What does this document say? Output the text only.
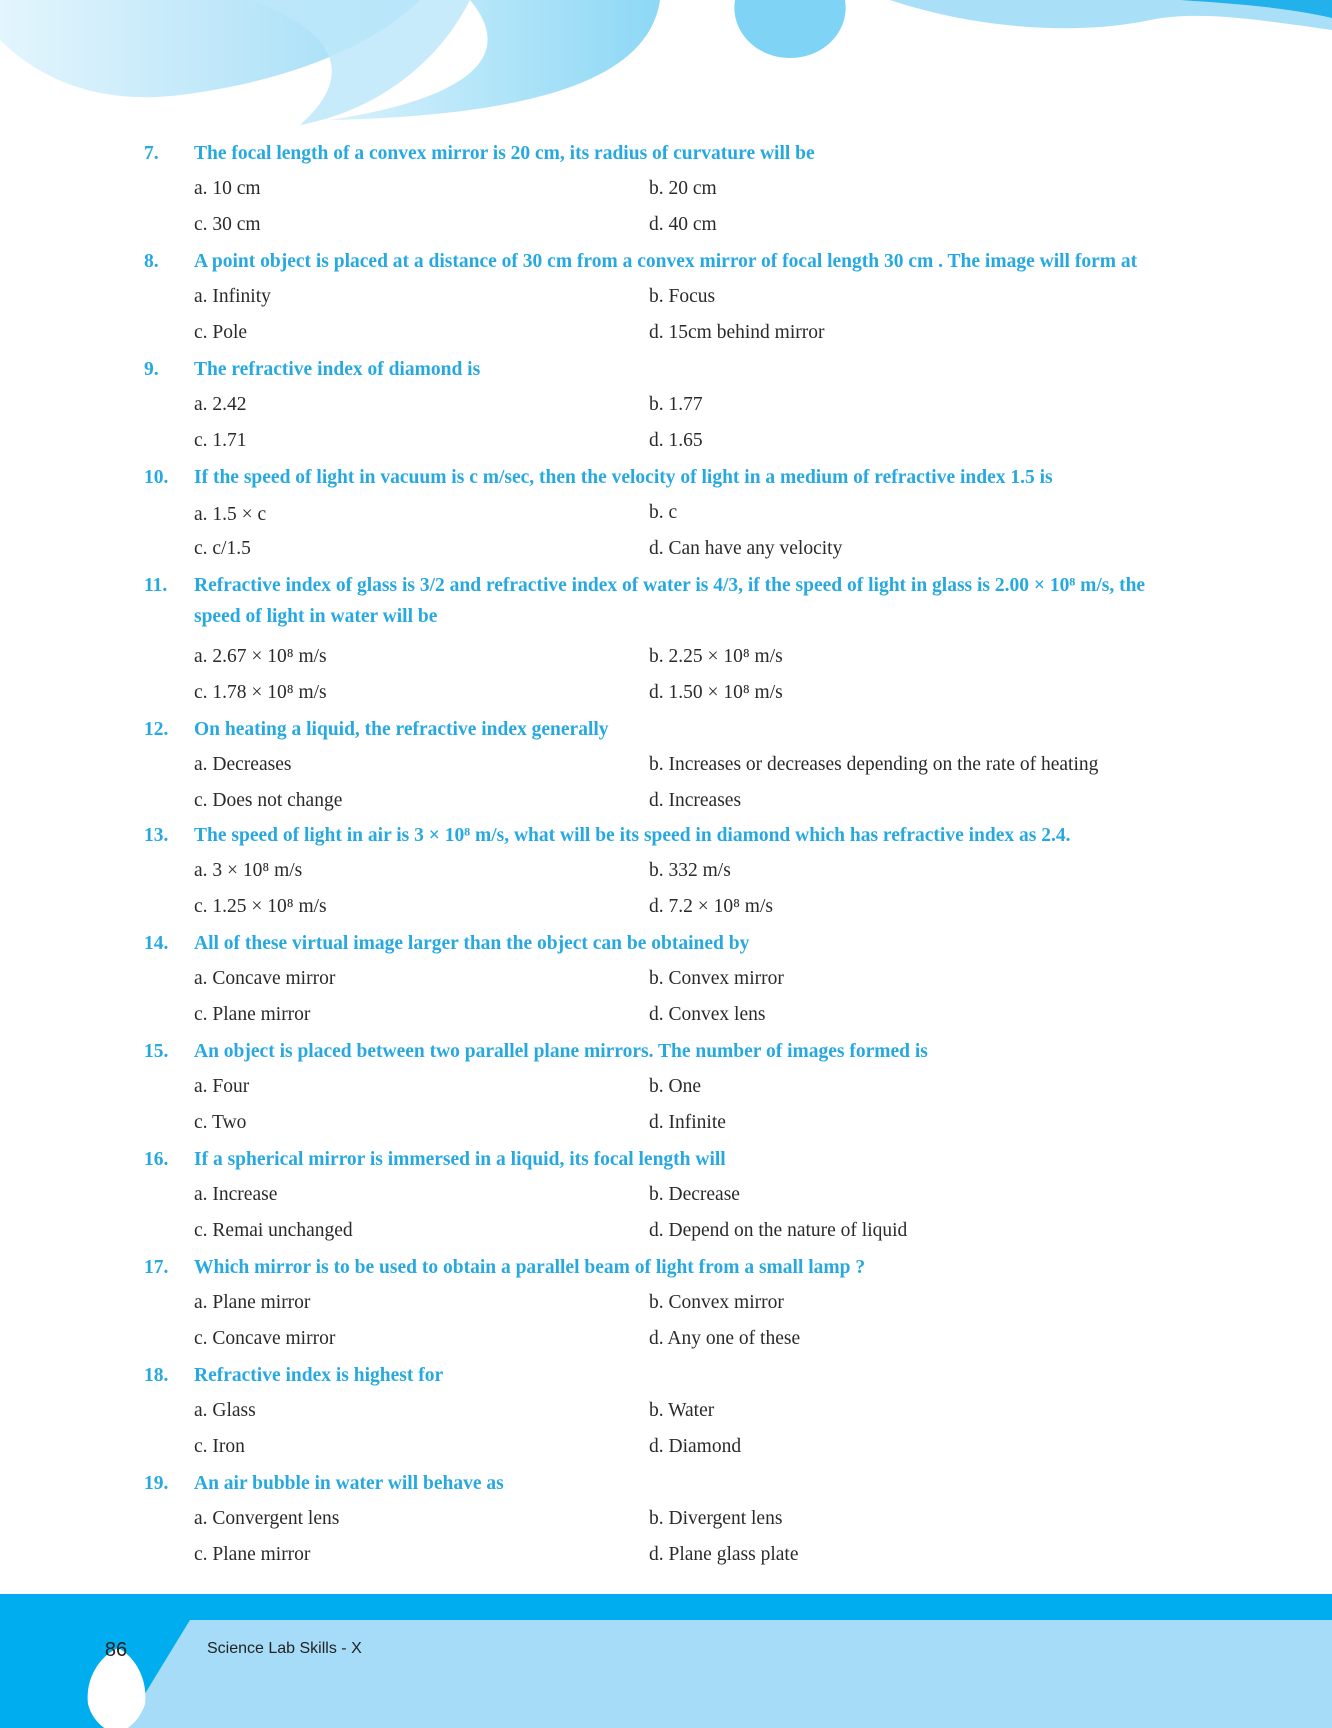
7.	The focal length of a convex mirror is 20 cm, its radius of curvature will be
a. 10 cm	b. 20 cm
c. 30 cm	d. 40 cm
8.	A point object is placed at a distance of 30 cm from a convex mirror of focal length 30 cm . The image will form at
a. Infinity	b. Focus
c. Pole	d. 15cm behind mirror
9.	The refractive index of diamond is
a. 2.42	b. 1.77
c. 1.71	d. 1.65
10.	If the speed of light in vacuum is c m/sec, then the velocity of light in a medium of refractive index 1.5 is
a. 1.5 × c	b. c
c. c/1.5	d. Can have any velocity
11.	Refractive index of glass is 3/2 and refractive index of water is 4/3, if the speed of light in glass is 2.00 × 10⁸ m/s, the speed of light in water will be
a. 2.67 × 10⁸ m/s	b. 2.25 × 10⁸ m/s
c. 1.78 × 10⁸ m/s	d. 1.50 × 10⁸ m/s
12.	On heating a liquid, the refractive index generally
a. Decreases	b. Increases or decreases depending on the rate of heating
c. Does not change	d. Increases
13.	The speed of light in air is 3 × 10⁸ m/s, what will be its speed in diamond which has refractive index as 2.4.
a. 3 × 10⁸ m/s	b. 332 m/s
c. 1.25 × 10⁸ m/s	d. 7.2 × 10⁸ m/s
14.	All of these virtual image larger than the object can be obtained by
a. Concave mirror	b. Convex mirror
c. Plane mirror	d. Convex lens
15.	An object is placed between two parallel plane mirrors. The number of images formed is
a. Four	b. One
c. Two	d. Infinite
16.	If a spherical mirror is immersed in a liquid, its focal length will
a. Increase	b. Decrease
c. Remai unchanged	d. Depend on the nature of liquid
17.	Which mirror is to be used to obtain a parallel beam of light from a small lamp ?
a. Plane mirror	b. Convex mirror
c. Concave mirror	d. Any one of these
18.	Refractive index is highest for
a. Glass	b. Water
c. Iron	d. Diamond
19.	An air bubble in water will behave as
a. Convergent lens	b. Divergent lens
c. Plane mirror	d. Plane glass plate
86	Science Lab Skills - X
